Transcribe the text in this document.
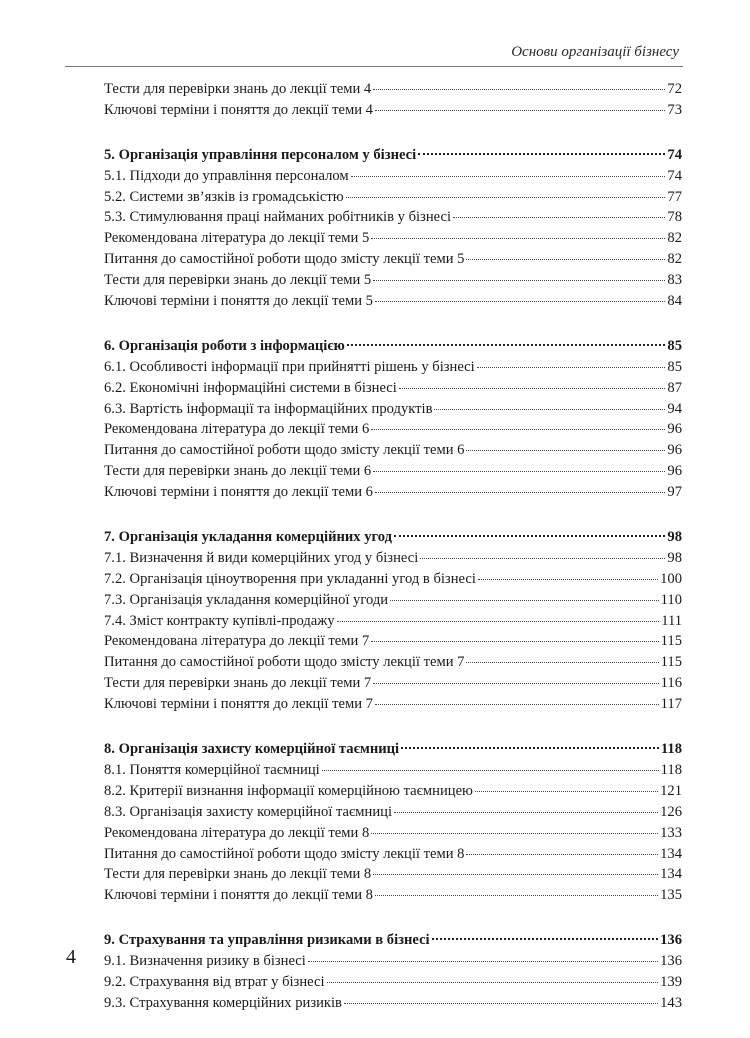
Основи організації бізнесу
Тести для перевірки знань до лекції теми 4	72
Ключові терміни і поняття до лекції теми 4	73
5. Організація управління персоналом у бізнесі	74
5.1. Підходи до управління персоналом	74
5.2. Системи зв’язків із громадськістю	77
5.3. Стимулювання праці найманих робітників у бізнесі	78
Рекомендована література до лекції теми 5	82
Питання до самостійної роботи щодо змісту лекції теми 5	82
Тести для перевірки знань до лекції теми 5	83
Ключові терміни і поняття до лекції теми 5	84
6. Організація роботи з інформацією	85
6.1. Особливості інформації при прийнятті рішень у бізнесі	85
6.2. Економічні інформаційні системи в бізнесі	87
6.3. Вартість інформації та інформаційних продуктів	94
Рекомендована література до лекції теми 6	96
Питання до самостійної роботи щодо змісту лекції теми 6	96
Тести для перевірки знань до лекції теми 6	96
Ключові терміни і поняття до лекції теми 6	97
7. Організація укладання комерційних угод	98
7.1. Визначення й види комерційних угод у бізнесі	98
7.2. Організація ціноутворення при укладанні угод в бізнесі	100
7.3. Організація укладання комерційної угоди	110
7.4. Зміст контракту купівлі-продажу	111
Рекомендована література до лекції теми 7	115
Питання до самостійної роботи щодо змісту лекції теми 7	115
Тести для перевірки знань до лекції теми 7	116
Ключові терміни і поняття до лекції теми 7	117
8. Організація захисту комерційної таємниці	118
8.1. Поняття комерційної таємниці	118
8.2. Критерії визнання інформації комерційною таємницею	121
8.3. Організація захисту комерційної таємниці	126
Рекомендована література до лекції теми 8	133
Питання до самостійної роботи щодо змісту лекції теми 8	134
Тести для перевірки знань до лекції теми 8	134
Ключові терміни і поняття до лекції теми 8	135
9. Страхування та управління ризиками в бізнесі	136
9.1. Визначення ризику в бізнесі	136
9.2. Страхування від втрат у бізнесі	139
9.3. Страхування комерційних ризиків	143
4
